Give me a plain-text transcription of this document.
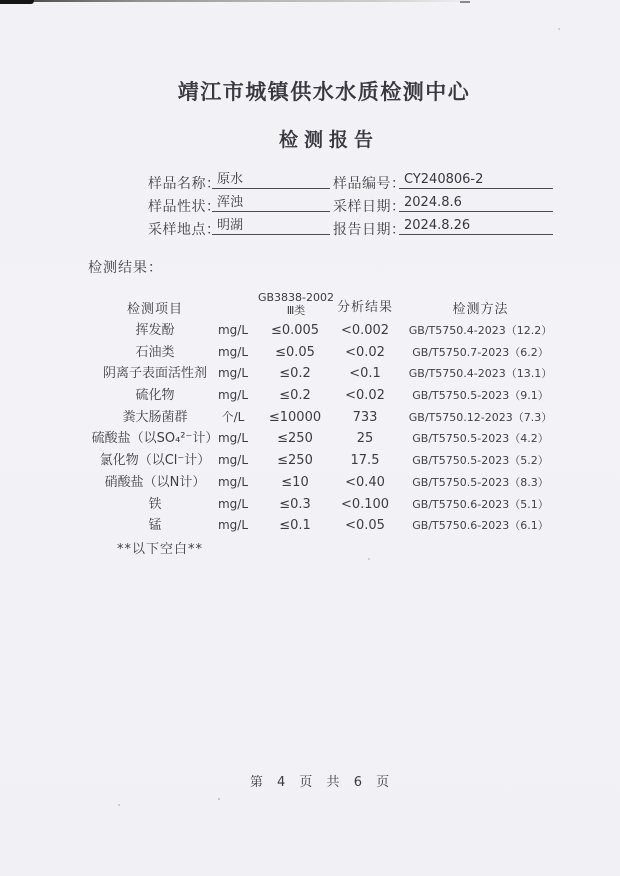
靖江市城镇供水水质检测中心
检测报告
样品名称：
原水	样品编号：
CY240806-2
样品性状：
浑浊	采样日期：
2024.8.6
采样地点：
明湖	报告日期：
2024.8.26
检测结果：
检测项目
GB3838-2002
Ⅲ类	分析结果	检测方法
挥发酚	mg/L	≤0.005	<0.002	GB/T5750.4-2023（12.2）
石油类	mg/L	≤0.05	<0.02	GB/T5750.7-2023（6.2）
阴离子表面活性剂 mg/L	≤0.2	<0.1	GB/T5750.4-2023（13.1）
硫化物	mg/L	≤0.2	<0.02	GB/T5750.5-2023（9.1）
粪大肠菌群	个/L	≤10000	733	GB/T5750.12-2023（7.3）
硫酸盐（以SO₄²⁻计） mg/L	≤250	25	GB/T5750.5-2023（4.2）
氯化物（以Cl⁻计） mg/L	≤250	17.5	GB/T5750.5-2023（5.2）
硝酸盐（以N计）	mg/L	≤10	<0.40	GB/T5750.5-2023（8.3）
铁	mg/L	≤0.3	<0.100	GB/T5750.6-2023（5.1）
锰	mg/L	≤0.1	<0.05	GB/T5750.6-2023（6.1）
**以下空白**
第 4 页 共 6 页
